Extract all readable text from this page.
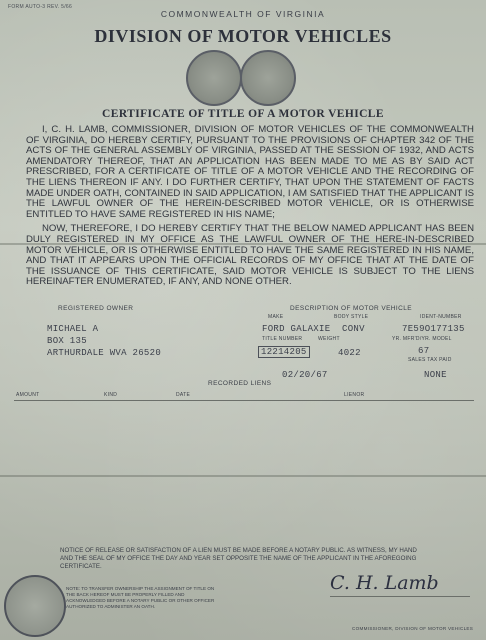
FORM AUTO-3 REV. 5/66
COMMONWEALTH OF VIRGINIA
DIVISION OF MOTOR VEHICLES
CERTIFICATE OF TITLE OF A MOTOR VEHICLE

I, C. H. LAMB, COMMISSIONER, DIVISION OF MOTOR VEHICLES OF THE COMMONWEALTH OF VIRGINIA, DO HEREBY CERTIFY, PURSUANT TO THE PROVISIONS OF CHAPTER 342 OF THE ACTS OF THE GENERAL ASSEMBLY OF VIRGINIA, PASSED AT THE SESSION OF 1932, AND ACTS AMENDATORY THEREOF, THAT AN APPLICATION HAS BEEN MADE TO ME AS BY SAID ACT PRESCRIBED, FOR A CERTIFICATE OF TITLE OF A MOTOR VEHICLE AND THE RECORDING OF THE LIENS THEREON IF ANY. I DO FURTHER CERTIFY, THAT UPON THE STATEMENT OF FACTS MADE UNDER OATH, CONTAINED IN SAID APPLICATION, I AM SATISFIED THAT THE APPLICANT IS THE LAWFUL OWNER OF THE HEREIN-DESCRIBED MOTOR VEHICLE, OR IS OTHERWISE ENTITLED TO HAVE SAME REGISTERED IN HIS NAME;

NOW, THEREFORE, I DO HEREBY CERTIFY THAT THE BELOW NAMED APPLICANT HAS BEEN DULY REGISTERED IN MY OFFICE AS THE LAWFUL OWNER OF THE HERE-IN-DESCRIBED MOTOR VEHICLE, OR IS OTHERWISE ENTITLED TO HAVE THE SAME REGISTERED IN HIS NAME, AND THAT IT APPEARS UPON THE OFFICIAL RECORDS OF MY OFFICE THAT AT THE DATE OF THE ISSUANCE OF THIS CERTIFICATE, SAID MOTOR VEHICLE IS SUBJECT TO THE LIENS HEREINAFTER ENUMERATED, IF ANY, AND NONE OTHER.

REGISTERED OWNER	DESCRIPTION OF MOTOR VEHICLE
MAKE	BODY STYLE	IDENT-NUMBER
MICHAEL A
BOX 135
ARTHURDALE WVA 26520
FORD GALAXIE CONV	7E59O177135
TITLE NUMBER	WEIGHT	YR. MFR'D/YR. MODEL
12214205	4022	67
SALES TAX PAID
02/20/67	NONE
RECORDED LIENS
AMOUNT	KIND	DATE	LIENOR
NOTICE OF RELEASE OR SATISFACTION OF A LIEN MUST BE MADE BEFORE A NOTARY PUBLIC. AS WITNESS, MY HAND AND THE SEAL OF MY OFFICE THE DAY AND YEAR SET OPPOSITE THE NAME OF THE APPLICANT IN THE AFOREGOING CERTIFICATE.
NOTE: TO TRANSFER OWNERSHIP THE ASSIGNMENT OF TITLE ON THE BACK HEREOF MUST BE PROPERLY FILLED AND ACKNOWLEDGED BEFORE A NOTARY PUBLIC OR OTHER OFFICER AUTHORIZED TO ADMINISTER AN OATH.
C. H. Lamb
COMMISSIONER, DIVISION OF MOTOR VEHICLES
